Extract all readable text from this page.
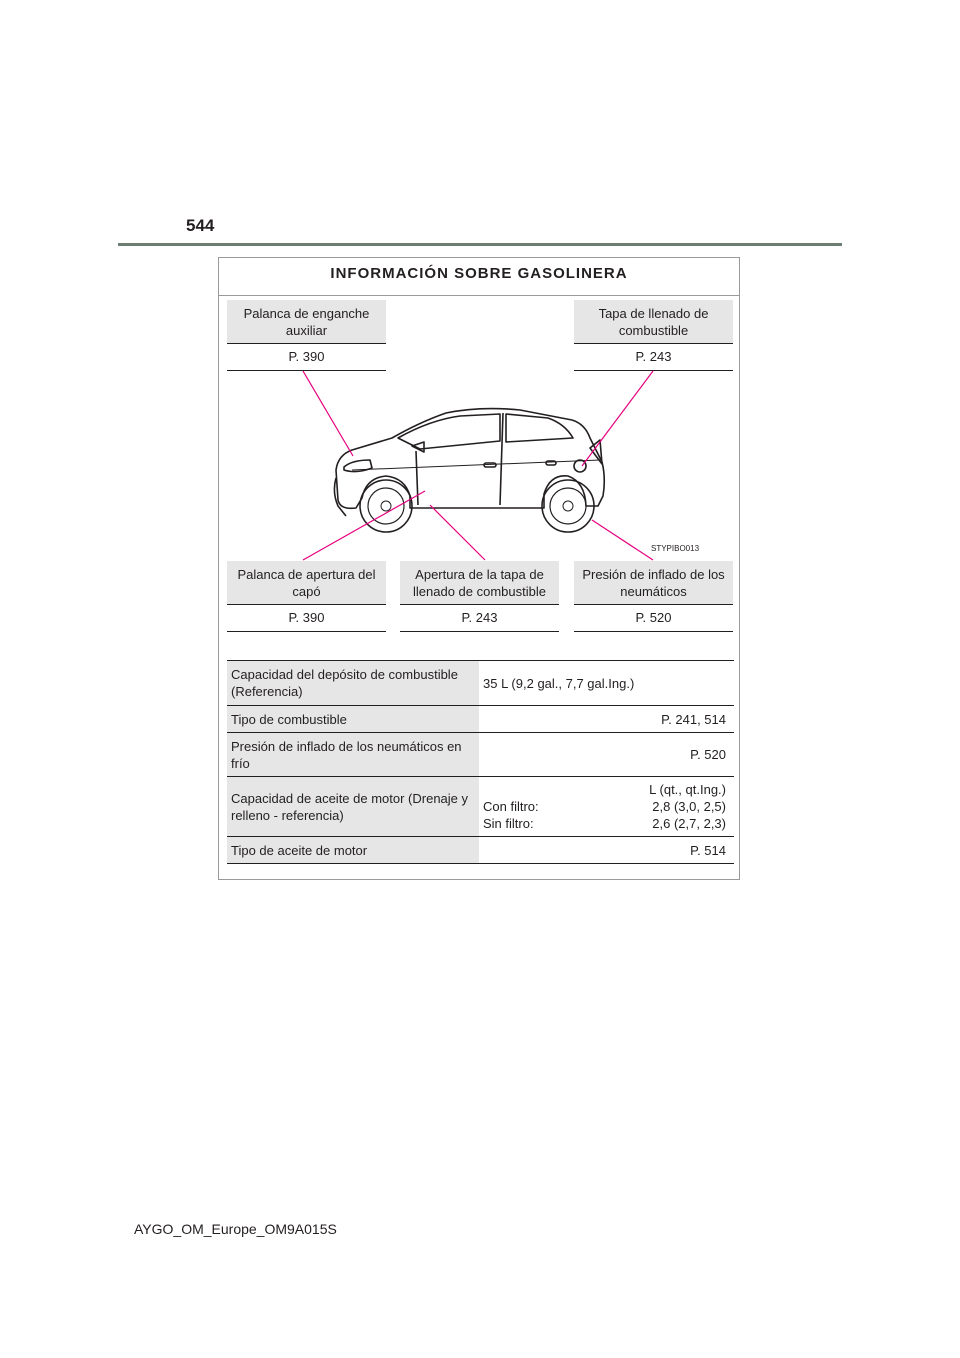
544
INFORMACIÓN SOBRE GASOLINERA
STYPIBO013
Palanca de enganche auxiliar
P. 390
Tapa de llenado de combustible
P. 243
Palanca de apertura del capó
P. 390
Apertura de la tapa de llenado de combustible
P. 243
Presión de inflado de los neumáticos
P. 520
Capacidad del depósito de combustible (Referencia)	35 L (9,2 gal., 7,7 gal.Ing.)
Tipo de combustible	P. 241, 514
Presión de inflado de los neumáticos en frío	P. 520
Capacidad de aceite de motor (Drenaje y relleno - referencia)	L (qt., qt.Ing.)
Con filtro: 2,8 (3,0, 2,5)
Sin filtro: 2,6 (2,7, 2,3)

Tipo de aceite de motor	P. 514
AYGO_OM_Europe_OM9A015S
